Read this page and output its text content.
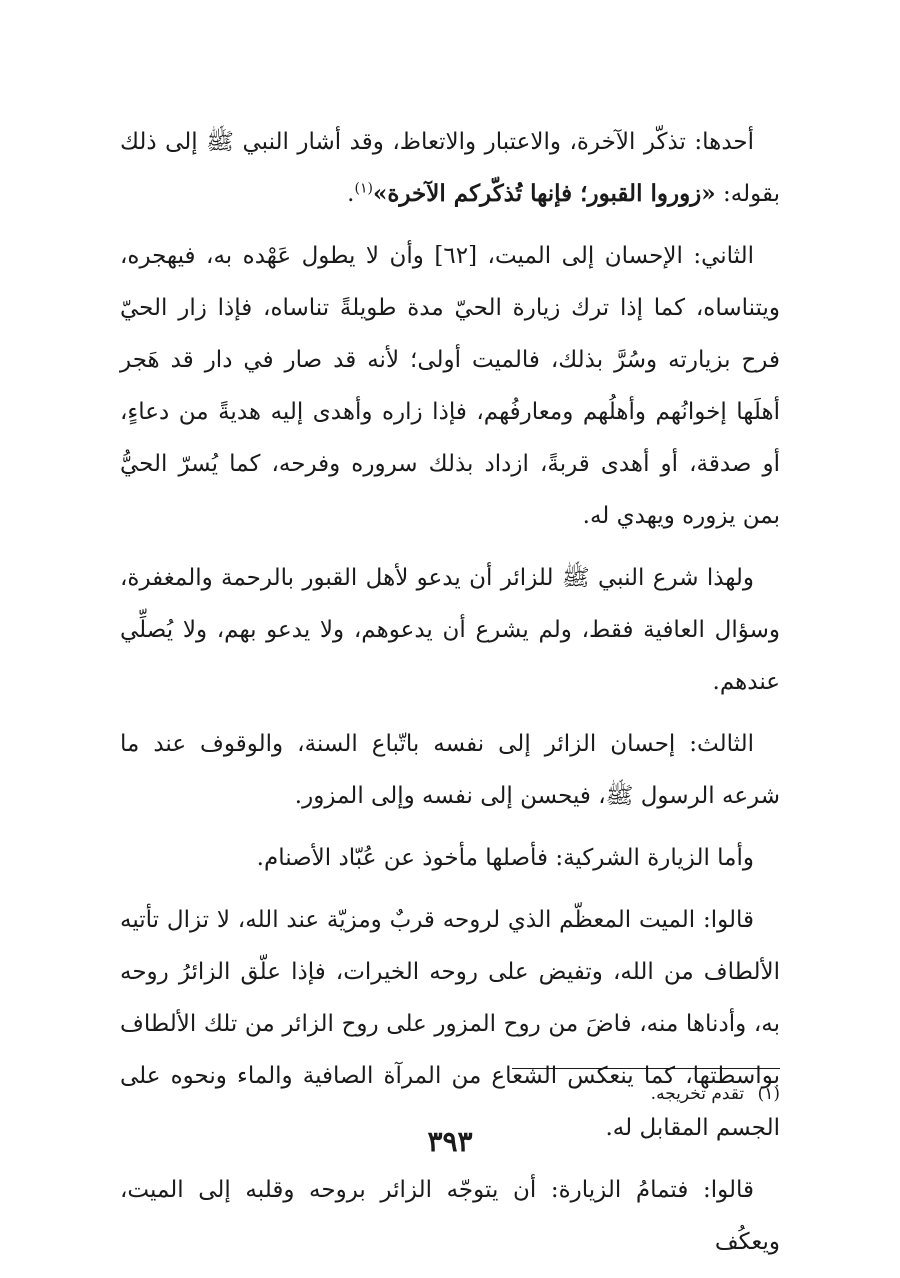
أحدها: تذكّر الآخرة، والاعتبار والاتعاظ، وقد أشار النبي ﷺ إلى ذلك بقوله: «زوروا القبور؛ فإنها تُذكّركم الآخرة»$^{(١)}$.

الثاني: الإحسان إلى الميت، [٦٢] وأن لا يطول عَهْده به، فيهجره، ويتناساه، كما إذا ترك زيارة الحيّ مدة طويلةً تناساه، فإذا زار الحيّ فرح بزيارته وسُرَّ بذلك، فالميت أولى؛ لأنه قد صار في دار قد هَجر أهلَها إخوانُهم وأهلُهم ومعارفُهم، فإذا زاره وأهدى إليه هديةً من دعاءٍ، أو صدقة، أو أهدى قربةً، ازداد بذلك سروره وفرحه، كما يُسرّ الحيُّ بمن يزوره ويهدي له.

ولهذا شرع النبي ﷺ للزائر أن يدعو لأهل القبور بالرحمة والمغفرة، وسؤال العافية فقط، ولم يشرع أن يدعوهم، ولا يدعو بهم، ولا يُصلِّي عندهم.

الثالث: إحسان الزائر إلى نفسه باتّباع السنة، والوقوف عند ما شرعه الرسول ﷺ، فيحسن إلى نفسه وإلى المزور.

وأما الزيارة الشركية: فأصلها مأخوذ عن عُبّاد الأصنام.

قالوا: الميت المعظّم الذي لروحه قربٌ ومزيّة عند الله، لا تزال تأتيه الألطاف من الله، وتفيض على روحه الخيرات، فإذا علّق الزائرُ روحه به، وأدناها منه، فاضَ من روح المزور على روح الزائر من تلك الألطاف بواسطتها، كما ينعكس الشعاع من المرآة الصافية والماء ونحوه على الجسم المقابل له.

قالوا: فتمامُ الزيارة: أن يتوجّه الزائر بروحه وقلبه إلى الميت، ويعكُف

(١) تقدم تخريجه.
٣٩٣
